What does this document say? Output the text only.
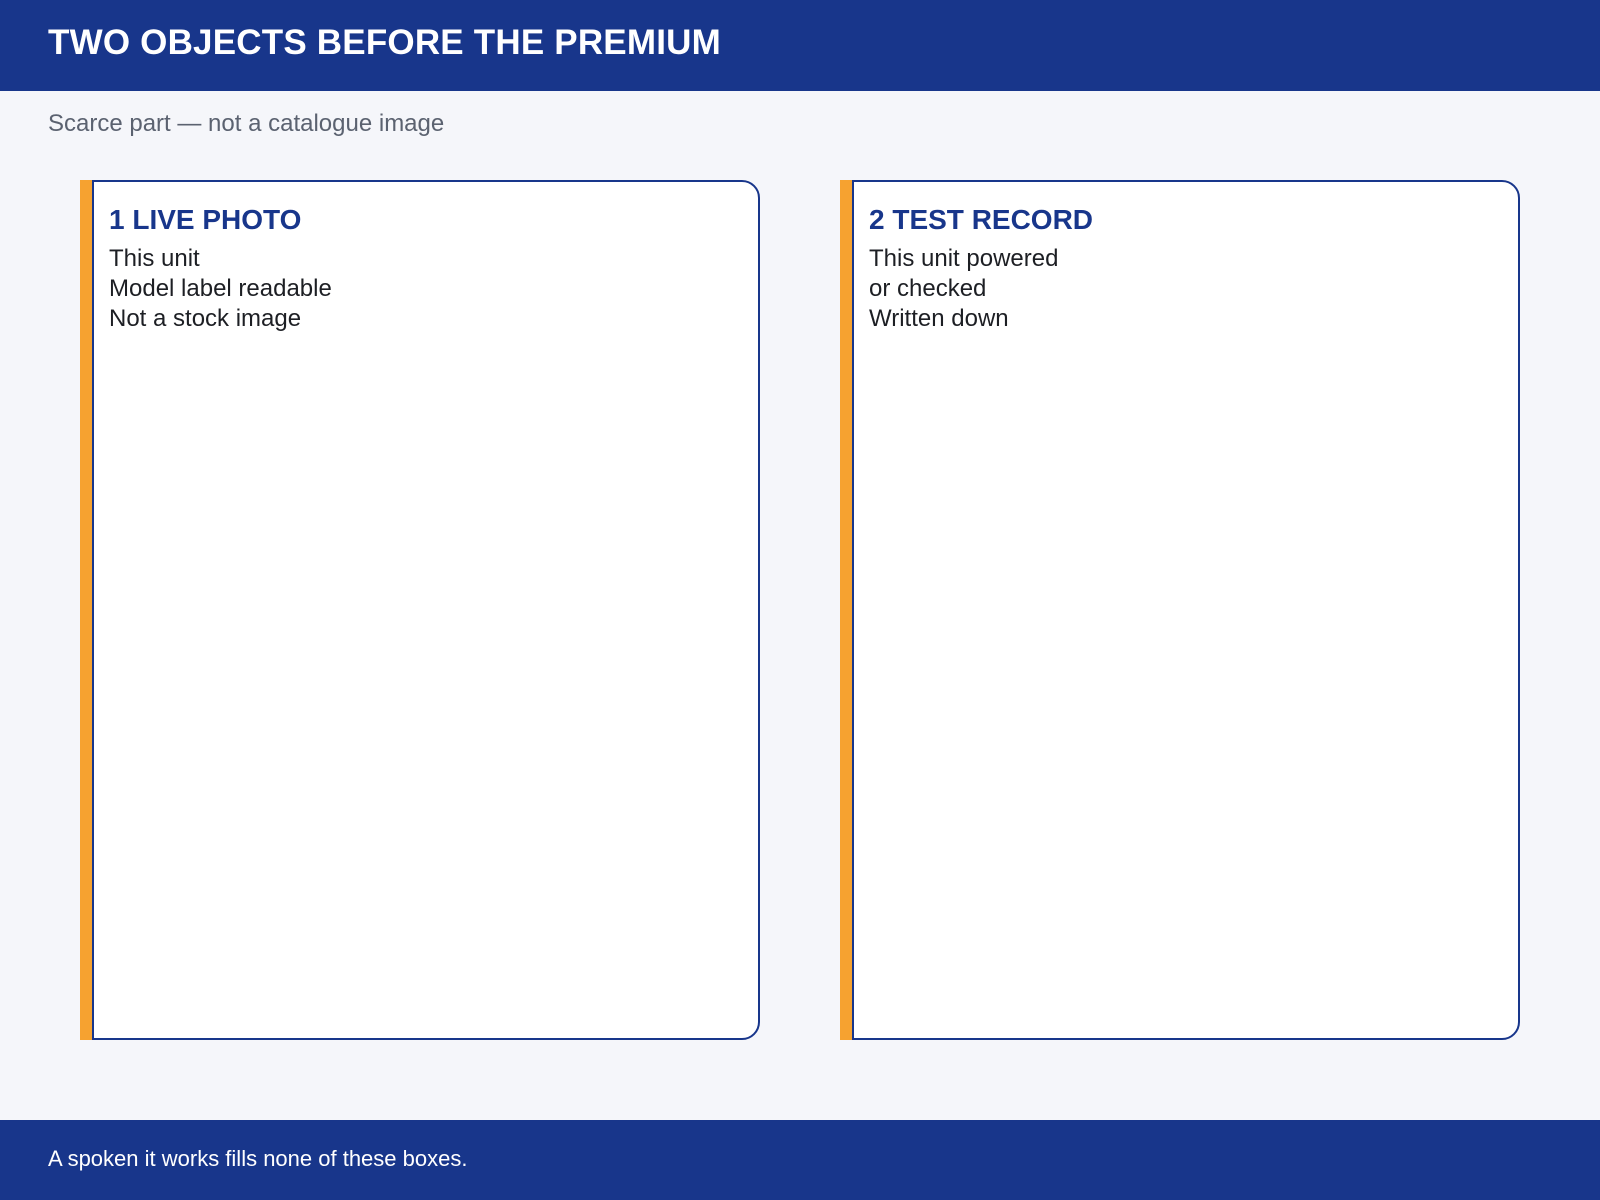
TWO OBJECTS BEFORE THE PREMIUM
Scarce part — not a catalogue image
1 LIVE PHOTO
This unit
Model label readable
Not a stock image
2 TEST RECORD
This unit powered
or checked
Written down
A spoken it works fills none of these boxes.
